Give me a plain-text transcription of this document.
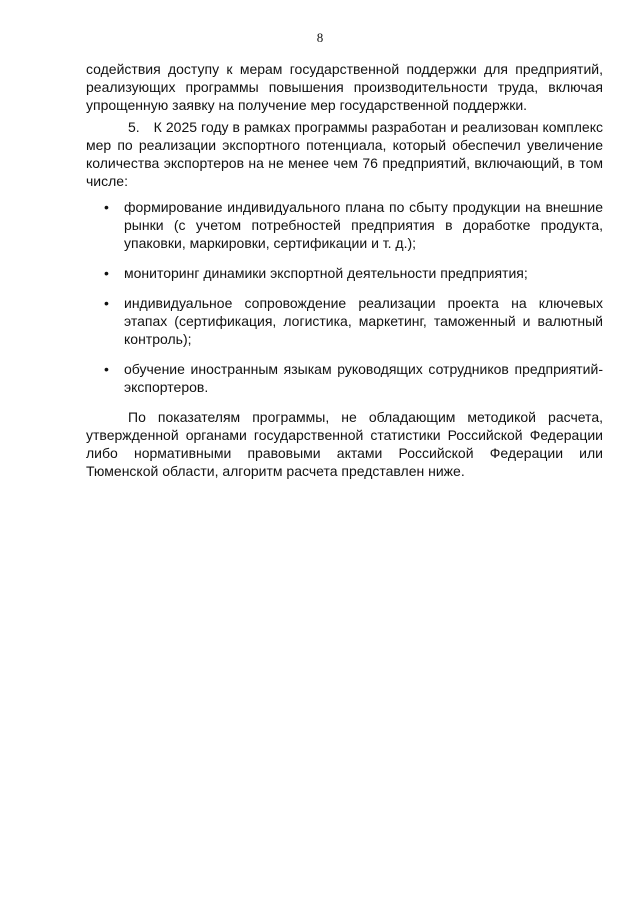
8

содействия доступу к мерам государственной поддержки для предприятий, реализующих программы повышения производительности труда, включая упрощенную заявку на получение мер государственной поддержки.

5. К 2025 году в рамках программы разработан и реализован комплекс мер по реализации экспортного потенциала, который обеспечил увеличение количества экспортеров на не менее чем 76 предприятий, включающий, в том числе:

• формирование индивидуального плана по сбыту продукции на внешние рынки (с учетом потребностей предприятия в доработке продукта, упаковки, маркировки, сертификации и т. д.);
• мониторинг динамики экспортной деятельности предприятия;
• индивидуальное сопровождение реализации проекта на ключевых этапах (сертификация, логистика, маркетинг, таможенный и валютный контроль);
• обучение иностранным языкам руководящих сотрудников предприятий-экспортеров.

По показателям программы, не обладающим методикой расчета, утвержденной органами государственной статистики Российской Федерации либо нормативными правовыми актами Российской Федерации или Тюменской области, алгоритм расчета представлен ниже.
